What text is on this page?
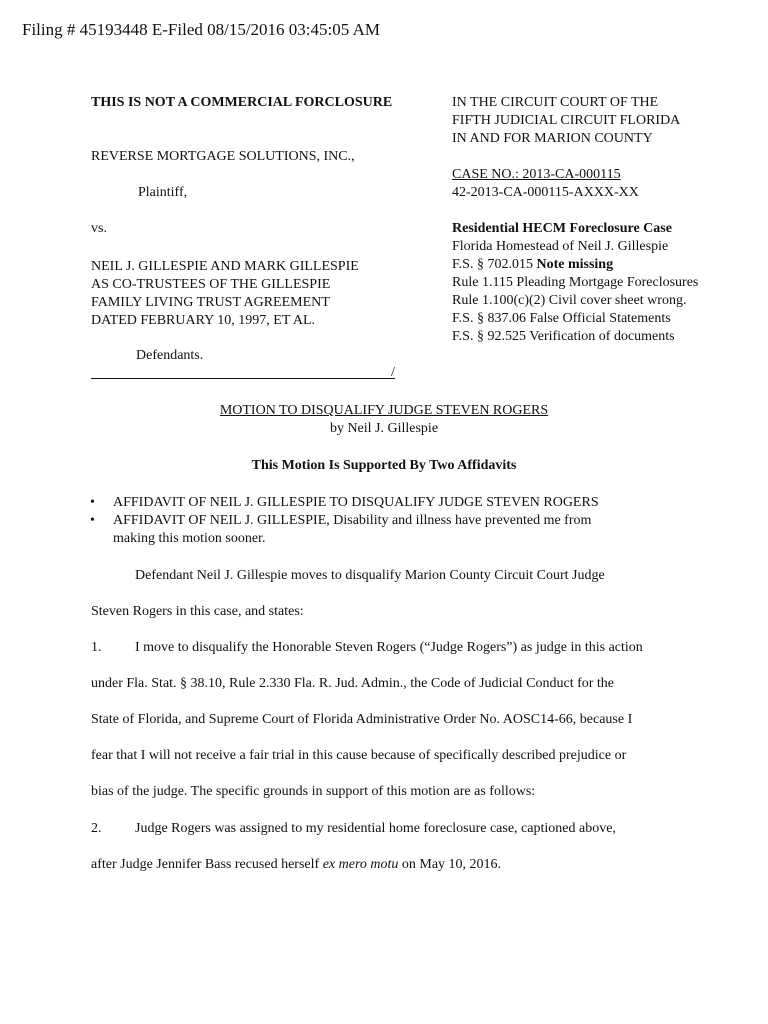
Filing # 45193448 E-Filed 08/15/2016 03:45:05 AM
THIS IS NOT A COMMERCIAL FORCLOSURE
REVERSE MORTGAGE SOLUTIONS, INC.,
Plaintiff,
vs.
NEIL J. GILLESPIE AND MARK GILLESPIE
AS CO-TRUSTEES OF THE GILLESPIE
FAMILY LIVING TRUST AGREEMENT
DATED FEBRUARY 10, 1997, ET AL.
Defendants.
/
IN THE CIRCUIT COURT OF THE
FIFTH JUDICIAL CIRCUIT FLORIDA
IN AND FOR MARION COUNTY
CASE NO.: 2013-CA-000115
42-2013-CA-000115-AXXX-XX
Residential HECM Foreclosure Case
Florida Homestead of Neil J. Gillespie
F.S. § 702.015 Note missing
Rule 1.115 Pleading Mortgage Foreclosures
Rule 1.100(c)(2) Civil cover sheet wrong.
F.S. § 837.06 False Official Statements
F.S. § 92.525 Verification of documents
MOTION TO DISQUALIFY JUDGE STEVEN ROGERS
by Neil J. Gillespie
This Motion Is Supported By Two Affidavits
• AFFIDAVIT OF NEIL J. GILLESPIE TO DISQUALIFY JUDGE STEVEN ROGERS
• AFFIDAVIT OF NEIL J. GILLESPIE, Disability and illness have prevented me from
making this motion sooner.
Defendant Neil J. Gillespie moves to disqualify Marion County Circuit Court Judge
Steven Rogers in this case, and states:
1. I move to disqualify the Honorable Steven Rogers (“Judge Rogers”) as judge in this action
under Fla. Stat. § 38.10, Rule 2.330 Fla. R. Jud. Admin., the Code of Judicial Conduct for the
State of Florida, and Supreme Court of Florida Administrative Order No. AOSC14-66, because I
fear that I will not receive a fair trial in this cause because of specifically described prejudice or
bias of the judge. The specific grounds in support of this motion are as follows:
2. Judge Rogers was assigned to my residential home foreclosure case, captioned above,
after Judge Jennifer Bass recused herself ex mero motu on May 10, 2016.
